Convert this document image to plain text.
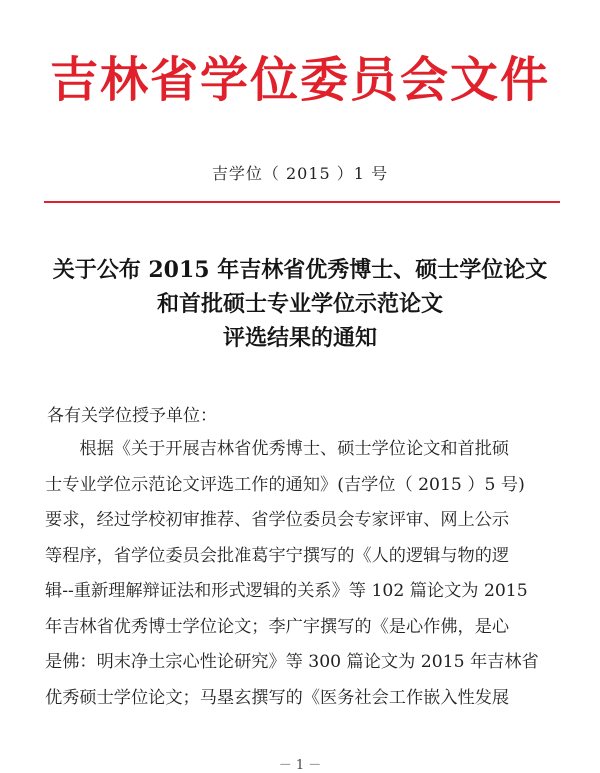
吉林省学位委员会文件
吉学位（ 2015 ）1 号
关于公布 2015 年吉林省优秀博士、硕士学位论文
和首批硕士专业学位示范论文
评选结果的通知
各有关学位授予单位：
　　根据《关于开展吉林省优秀博士、硕士学位论文和首批硕
士专业学位示范论文评选工作的通知》(吉学位（ 2015 ）5 号)
要求，经过学校初审推荐、省学位委员会专家评审、网上公示
等程序，省学位委员会批准葛宇宁撰写的《人的逻辑与物的逻
辑--重新理解辩证法和形式逻辑的关系》等 102 篇论文为 2015
年吉林省优秀博士学位论文；李广宇撰写的《是心作佛，是心
是佛：明末净土宗心性论研究》等 300 篇论文为 2015 年吉林省
优秀硕士学位论文；马塁玄撰写的《医务社会工作嵌入性发展
－ 1 －
